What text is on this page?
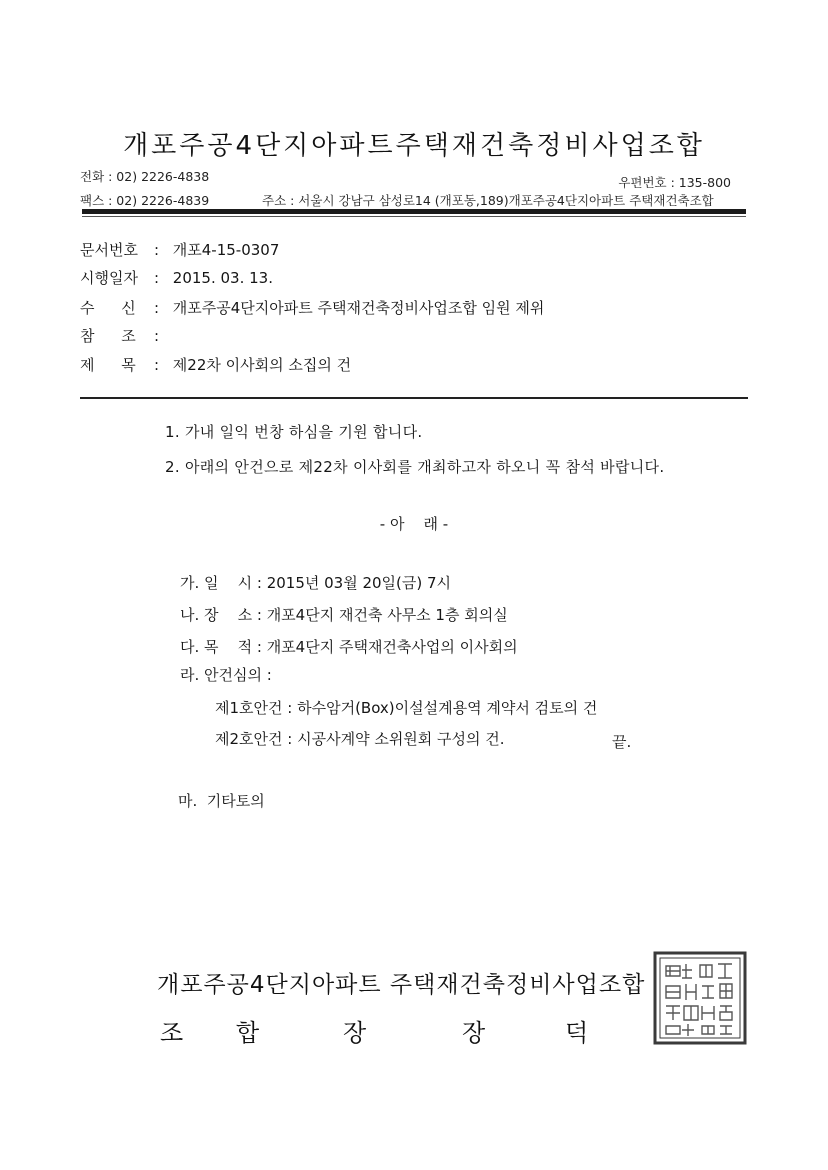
개포주공4단지아파트주택재건축정비사업조합
전화 : 02) 2226-4838	우편번호 : 135-800
팩스 : 02) 2226-4839	주소 : 서울시 강남구 삼성로14 (개포동,189)개포주공4단지아파트 주택재건축조합
문서번호 : 개포4-15-0307
시행일자 : 2015. 03. 13.
수 신 : 개포주공4단지아파트 주택재건축정비사업조합 임원 제위
참 조 :
제 목 : 제22차 이사회의 소집의 건
1. 가내 일익 번창 하심을 기원 합니다.
2. 아래의 안건으로 제22차 이사회를 개최하고자 하오니 꼭 참석 바랍니다.
- 아    래 -
가. 일    시 : 2015년 03월 20일(금) 7시
나. 장    소 : 개포4단지 재건축 사무소 1층 회의실
다. 목    적 : 개포4단지 주택재건축사업의 이사회의
라. 안건심의 :
제1호안건 : 하수암거(Box)이설설계용역 계약서 검토의 건
제2호안건 : 시공사계약 소위원회 구성의 건.	끝.
마.  기타토의
개포주공4단지아파트 주택재건축정비사업조합
조 합	장	장	덕
